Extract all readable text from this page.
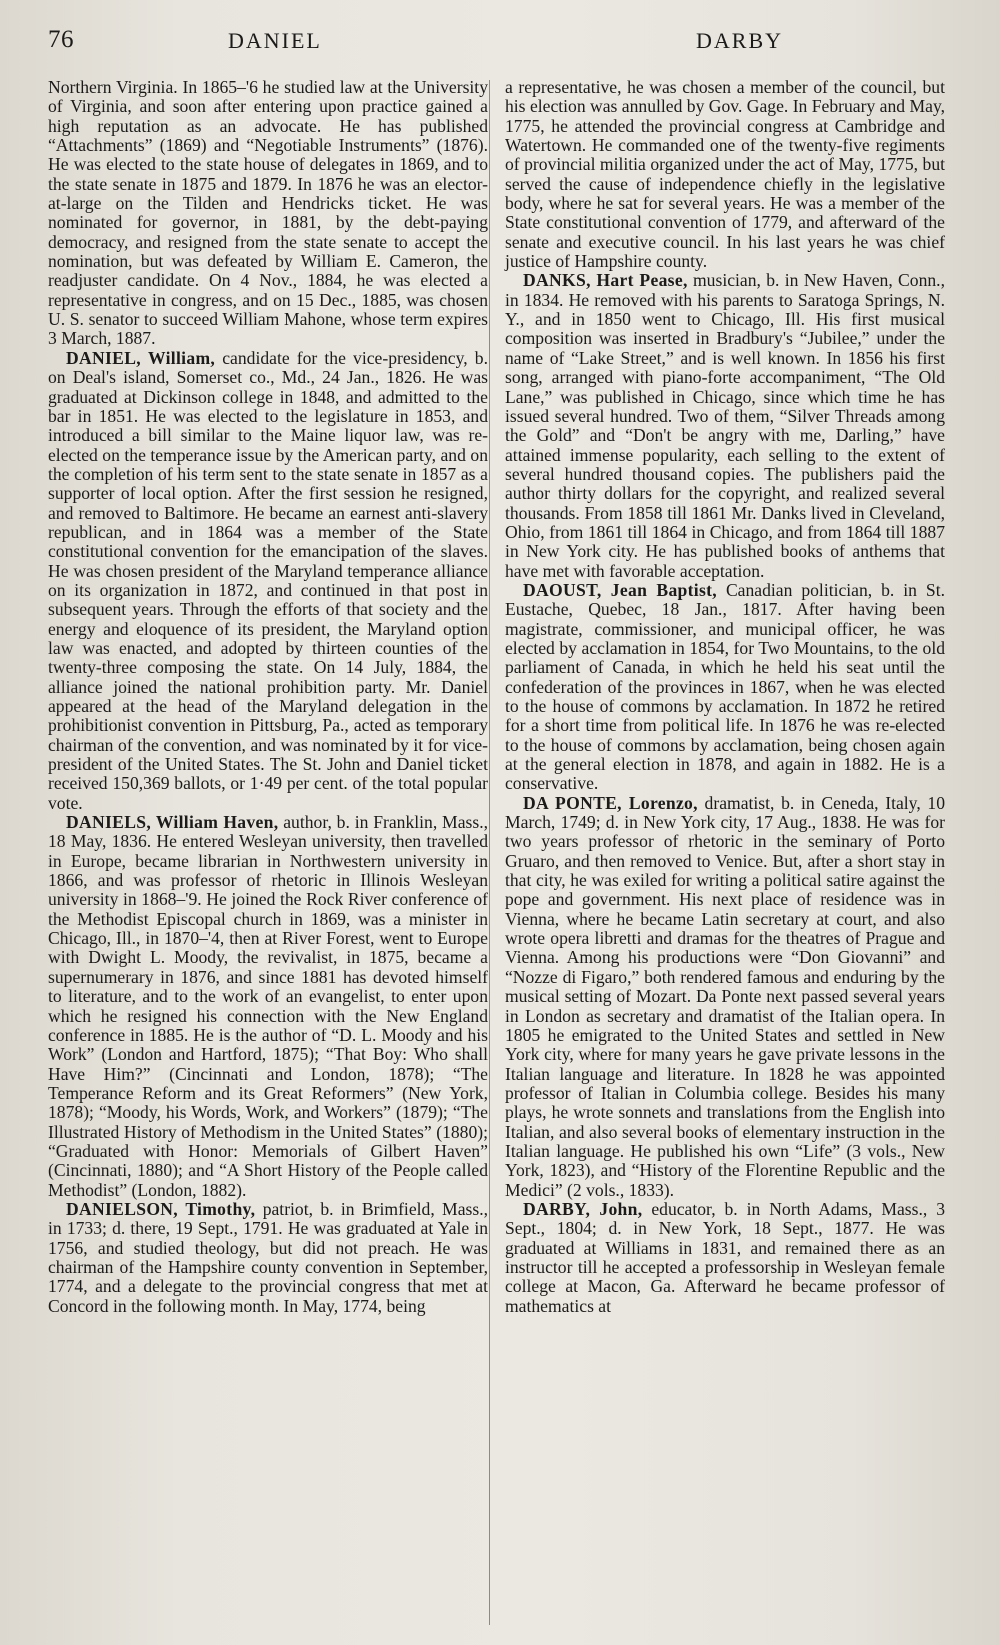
76	DANIEL	DARBY

Northern Virginia. In 1865–'6 he studied law at the University of Virginia, and soon after entering upon practice gained a high reputation as an advocate. He has published “Attachments” (1869) and “Negotiable Instruments” (1876). He was elected to the state house of delegates in 1869, and to the state senate in 1875 and 1879. In 1876 he was an elector-at-large on the Tilden and Hendricks ticket. He was nominated for governor, in 1881, by the debt-paying democracy, and resigned from the state senate to accept the nomination, but was defeated by William E. Cameron, the readjuster candidate. On 4 Nov., 1884, he was elected a representative in congress, and on 15 Dec., 1885, was chosen U. S. senator to succeed William Mahone, whose term expires 3 March, 1887.

DANIEL, William, candidate for the vice-presidency, b. on Deal's island, Somerset co., Md., 24 Jan., 1826. He was graduated at Dickinson college in 1848, and admitted to the bar in 1851. He was elected to the legislature in 1853, and introduced a bill similar to the Maine liquor law, was re-elected on the temperance issue by the American party, and on the completion of his term sent to the state senate in 1857 as a supporter of local option. After the first session he resigned, and removed to Baltimore. He became an earnest anti-slavery republican, and in 1864 was a member of the State constitutional convention for the emancipation of the slaves. He was chosen president of the Maryland temperance alliance on its organization in 1872, and continued in that post in subsequent years. Through the efforts of that society and the energy and eloquence of its president, the Maryland option law was enacted, and adopted by thirteen counties of the twenty-three composing the state. On 14 July, 1884, the alliance joined the national prohibition party. Mr. Daniel appeared at the head of the Maryland delegation in the prohibitionist convention in Pittsburg, Pa., acted as temporary chairman of the convention, and was nominated by it for vice-president of the United States. The St. John and Daniel ticket received 150,369 ballots, or 1·49 per cent. of the total popular vote.

DANIELS, William Haven, author, b. in Franklin, Mass., 18 May, 1836. He entered Wesleyan university, then travelled in Europe, became librarian in Northwestern university in 1866, and was professor of rhetoric in Illinois Wesleyan university in 1868–'9. He joined the Rock River conference of the Methodist Episcopal church in 1869, was a minister in Chicago, Ill., in 1870–'4, then at River Forest, went to Europe with Dwight L. Moody, the revivalist, in 1875, became a supernumerary in 1876, and since 1881 has devoted himself to literature, and to the work of an evangelist, to enter upon which he resigned his connection with the New England conference in 1885. He is the author of “D. L. Moody and his Work” (London and Hartford, 1875); “That Boy: Who shall Have Him?” (Cincinnati and London, 1878); “The Temperance Reform and its Great Reformers” (New York, 1878); “Moody, his Words, Work, and Workers” (1879); “The Illustrated History of Methodism in the United States” (1880); “Graduated with Honor: Memorials of Gilbert Haven” (Cincinnati, 1880); and “A Short History of the People called Methodist” (London, 1882).

DANIELSON, Timothy, patriot, b. in Brimfield, Mass., in 1733; d. there, 19 Sept., 1791. He was graduated at Yale in 1756, and studied theology, but did not preach. He was chairman of the Hampshire county convention in September, 1774, and a delegate to the provincial congress that met at Concord in the following month. In May, 1774, being

a representative, he was chosen a member of the council, but his election was annulled by Gov. Gage. In February and May, 1775, he attended the provincial congress at Cambridge and Watertown. He commanded one of the twenty-five regiments of provincial militia organized under the act of May, 1775, but served the cause of independence chiefly in the legislative body, where he sat for several years. He was a member of the State constitutional convention of 1779, and afterward of the senate and executive council. In his last years he was chief justice of Hampshire county.

DANKS, Hart Pease, musician, b. in New Haven, Conn., in 1834. He removed with his parents to Saratoga Springs, N. Y., and in 1850 went to Chicago, Ill. His first musical composition was inserted in Bradbury's “Jubilee,” under the name of “Lake Street,” and is well known. In 1856 his first song, arranged with piano-forte accompaniment, “The Old Lane,” was published in Chicago, since which time he has issued several hundred. Two of them, “Silver Threads among the Gold” and “Don't be angry with me, Darling,” have attained immense popularity, each selling to the extent of several hundred thousand copies. The publishers paid the author thirty dollars for the copyright, and realized several thousands. From 1858 till 1861 Mr. Danks lived in Cleveland, Ohio, from 1861 till 1864 in Chicago, and from 1864 till 1887 in New York city. He has published books of anthems that have met with favorable acceptation.

DAOUST, Jean Baptist, Canadian politician, b. in St. Eustache, Quebec, 18 Jan., 1817. After having been magistrate, commissioner, and municipal officer, he was elected by acclamation in 1854, for Two Mountains, to the old parliament of Canada, in which he held his seat until the confederation of the provinces in 1867, when he was elected to the house of commons by acclamation. In 1872 he retired for a short time from political life. In 1876 he was re-elected to the house of commons by acclamation, being chosen again at the general election in 1878, and again in 1882. He is a conservative.

DA PONTE, Lorenzo, dramatist, b. in Ceneda, Italy, 10 March, 1749; d. in New York city, 17 Aug., 1838. He was for two years professor of rhetoric in the seminary of Porto Gruaro, and then removed to Venice. But, after a short stay in that city, he was exiled for writing a political satire against the pope and government. His next place of residence was in Vienna, where he became Latin secretary at court, and also wrote opera libretti and dramas for the theatres of Prague and Vienna. Among his productions were “Don Giovanni” and “Nozze di Figaro,” both rendered famous and enduring by the musical setting of Mozart. Da Ponte next passed several years in London as secretary and dramatist of the Italian opera. In 1805 he emigrated to the United States and settled in New York city, where for many years he gave private lessons in the Italian language and literature. In 1828 he was appointed professor of Italian in Columbia college. Besides his many plays, he wrote sonnets and translations from the English into Italian, and also several books of elementary instruction in the Italian language. He published his own “Life” (3 vols., New York, 1823), and “History of the Florentine Republic and the Medici” (2 vols., 1833).

DARBY, John, educator, b. in North Adams, Mass., 3 Sept., 1804; d. in New York, 18 Sept., 1877. He was graduated at Williams in 1831, and remained there as an instructor till he accepted a professorship in Wesleyan female college at Macon, Ga. Afterward he became professor of mathematics at
